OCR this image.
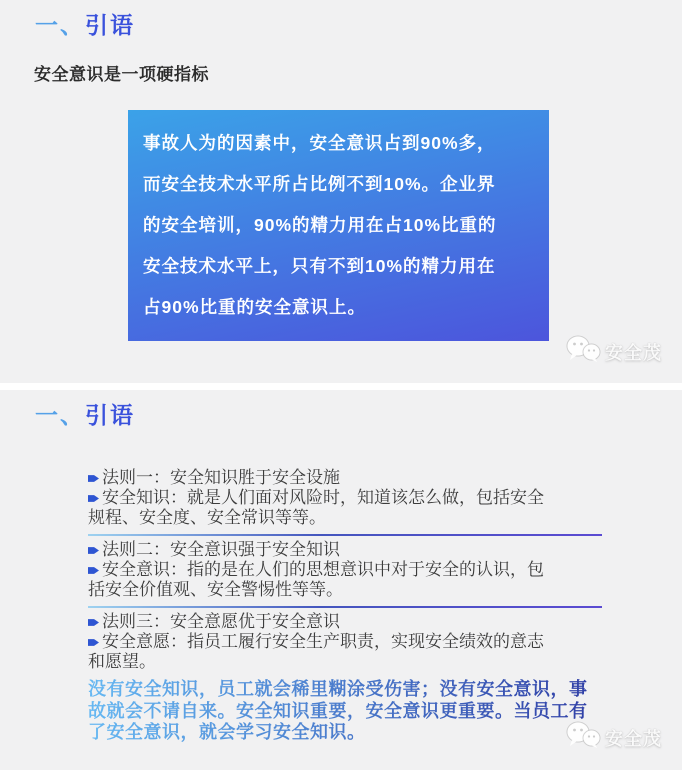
一、引语
安全意识是一项硬指标
事故人为的因素中，安全意识占到90%多，
而安全技术水平所占比例不到10%。企业界
的安全培训，90%的精力用在占10%比重的
安全技术水平上，只有不到10%的精力用在
占90%比重的安全意识上。
安全茂
一、引语
法则一：安全知识胜于安全设施
安全知识：就是人们面对风险时，知道该怎么做，包括安全
规程、安全度、安全常识等等。
法则二：安全意识强于安全知识
安全意识：指的是在人们的思想意识中对于安全的认识，包
括安全价值观、安全警惕性等等。
法则三：安全意愿优于安全意识
安全意愿：指员工履行安全生产职责，实现安全绩效的意志
和愿望。
没有安全知识，员工就会稀里糊涂受伤害；没有安全意识，事
故就会不请自来。安全知识重要，安全意识更重要。当员工有
了安全意识，就会学习安全知识。	安全茂
